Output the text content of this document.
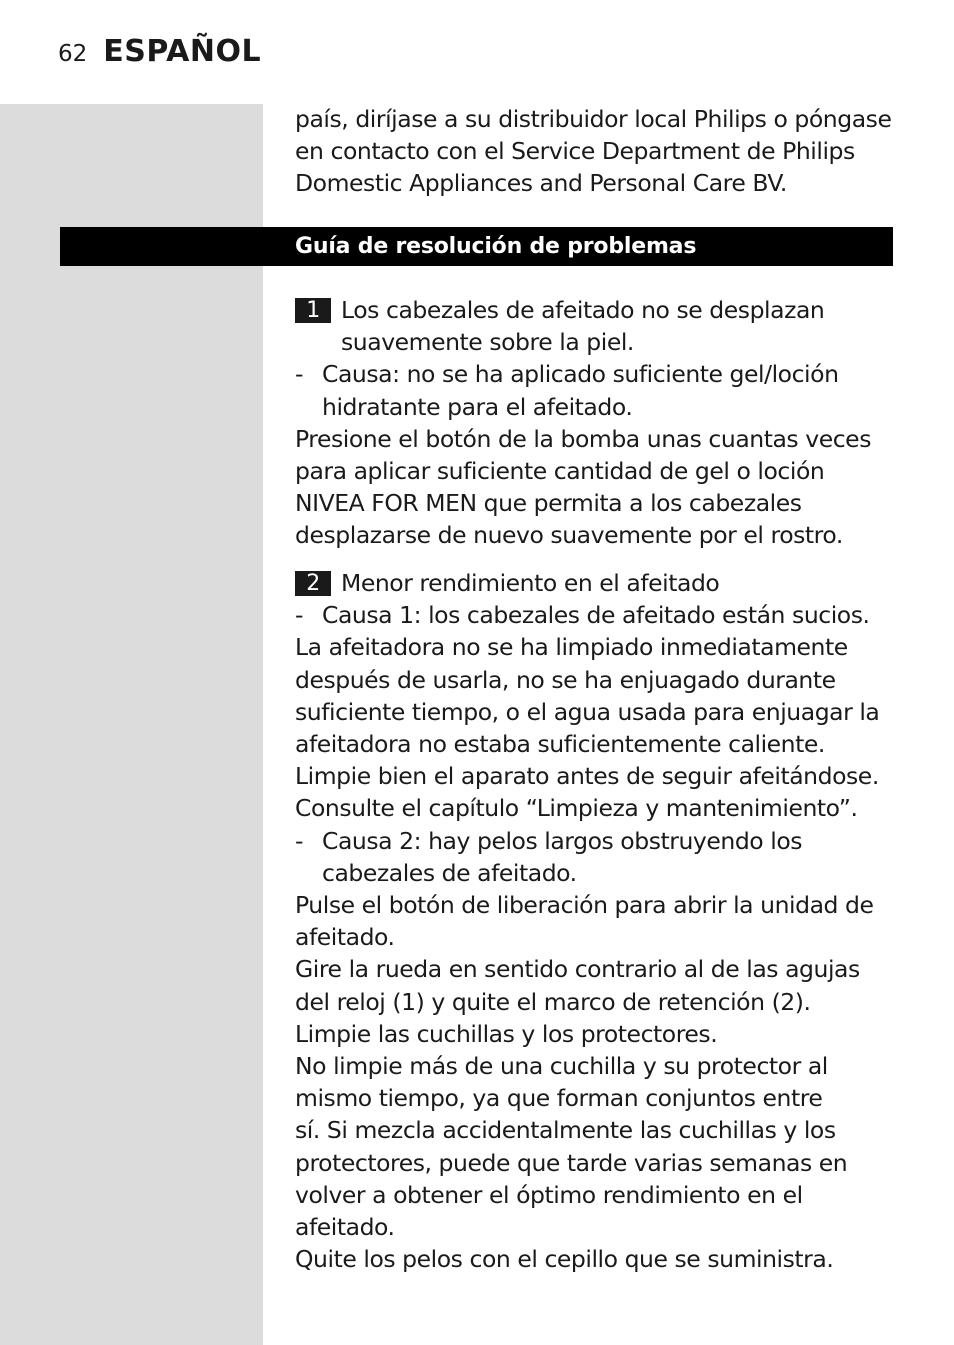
62 ESPAÑOL
país, diríjase a su distribuidor local Philips o póngase
en contacto con el Service Department de Philips
Domestic Appliances and Personal Care BV.
Guía de resolución de problemas
1 Los cabezales de afeitado no se desplazan
suavemente sobre la piel.
- Causa: no se ha aplicado suficiente gel/loción
hidratante para el afeitado.
Presione el botón de la bomba unas cuantas veces
para aplicar suficiente cantidad de gel o loción
NIVEA FOR MEN que permita a los cabezales
desplazarse de nuevo suavemente por el rostro.
2 Menor rendimiento en el afeitado
- Causa 1: los cabezales de afeitado están sucios.
La afeitadora no se ha limpiado inmediatamente
después de usarla, no se ha enjuagado durante
suficiente tiempo, o el agua usada para enjuagar la
afeitadora no estaba suficientemente caliente.
Limpie bien el aparato antes de seguir afeitándose.
Consulte el capítulo “Limpieza y mantenimiento”.
- Causa 2: hay pelos largos obstruyendo los
cabezales de afeitado.
Pulse el botón de liberación para abrir la unidad de
afeitado.
Gire la rueda en sentido contrario al de las agujas
del reloj (1) y quite el marco de retención (2).
Limpie las cuchillas y los protectores.
No limpie más de una cuchilla y su protector al
mismo tiempo, ya que forman conjuntos entre
sí. Si mezcla accidentalmente las cuchillas y los
protectores, puede que tarde varias semanas en
volver a obtener el óptimo rendimiento en el
afeitado.
Quite los pelos con el cepillo que se suministra.
